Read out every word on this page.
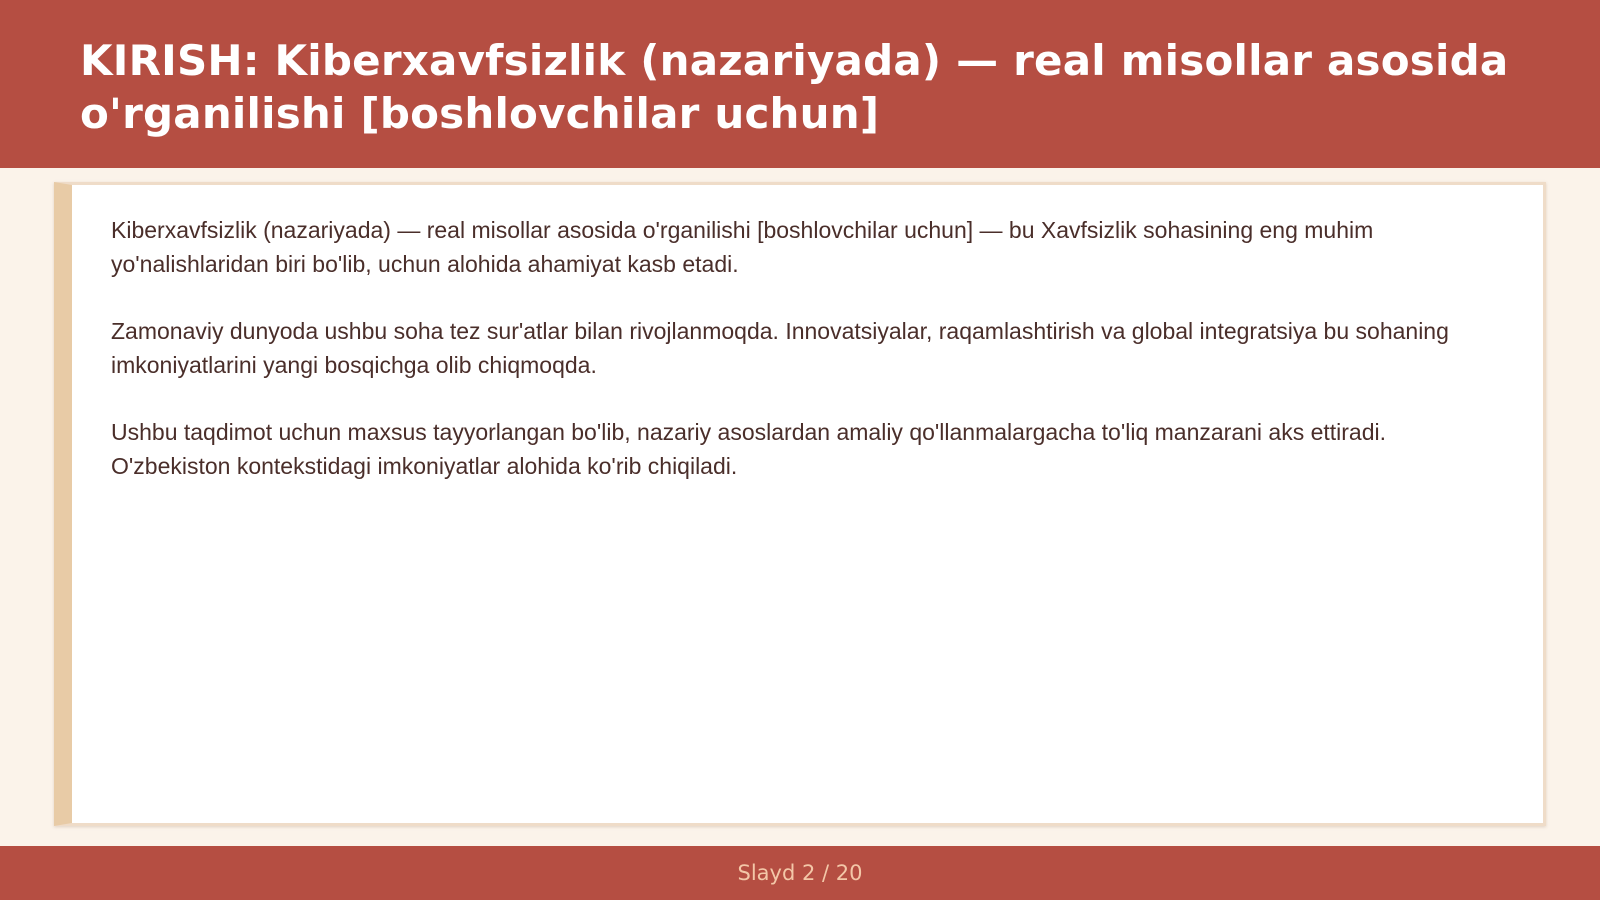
KIRISH: Kiberxavfsizlik (nazariyada) — real misollar asosida o'rganilishi [boshlovchilar uchun]

Kiberxavfsizlik (nazariyada) — real misollar asosida o'rganilishi [boshlovchilar uchun] — bu Xavfsizlik sohasining eng muhim yo'nalishlaridan biri bo'lib, uchun alohida ahamiyat kasb etadi.

Zamonaviy dunyoda ushbu soha tez sur'atlar bilan rivojlanmoqda. Innovatsiyalar, raqamlashtirish va global integratsiya bu sohaning imkoniyatlarini yangi bosqichga olib chiqmoqda.

Ushbu taqdimot uchun maxsus tayyorlangan bo'lib, nazariy asoslardan amaliy qo'llanmalargacha to'liq manzarani aks ettiradi. O'zbekiston kontekstidagi imkoniyatlar alohida ko'rib chiqiladi.

Slayd 2 / 20
